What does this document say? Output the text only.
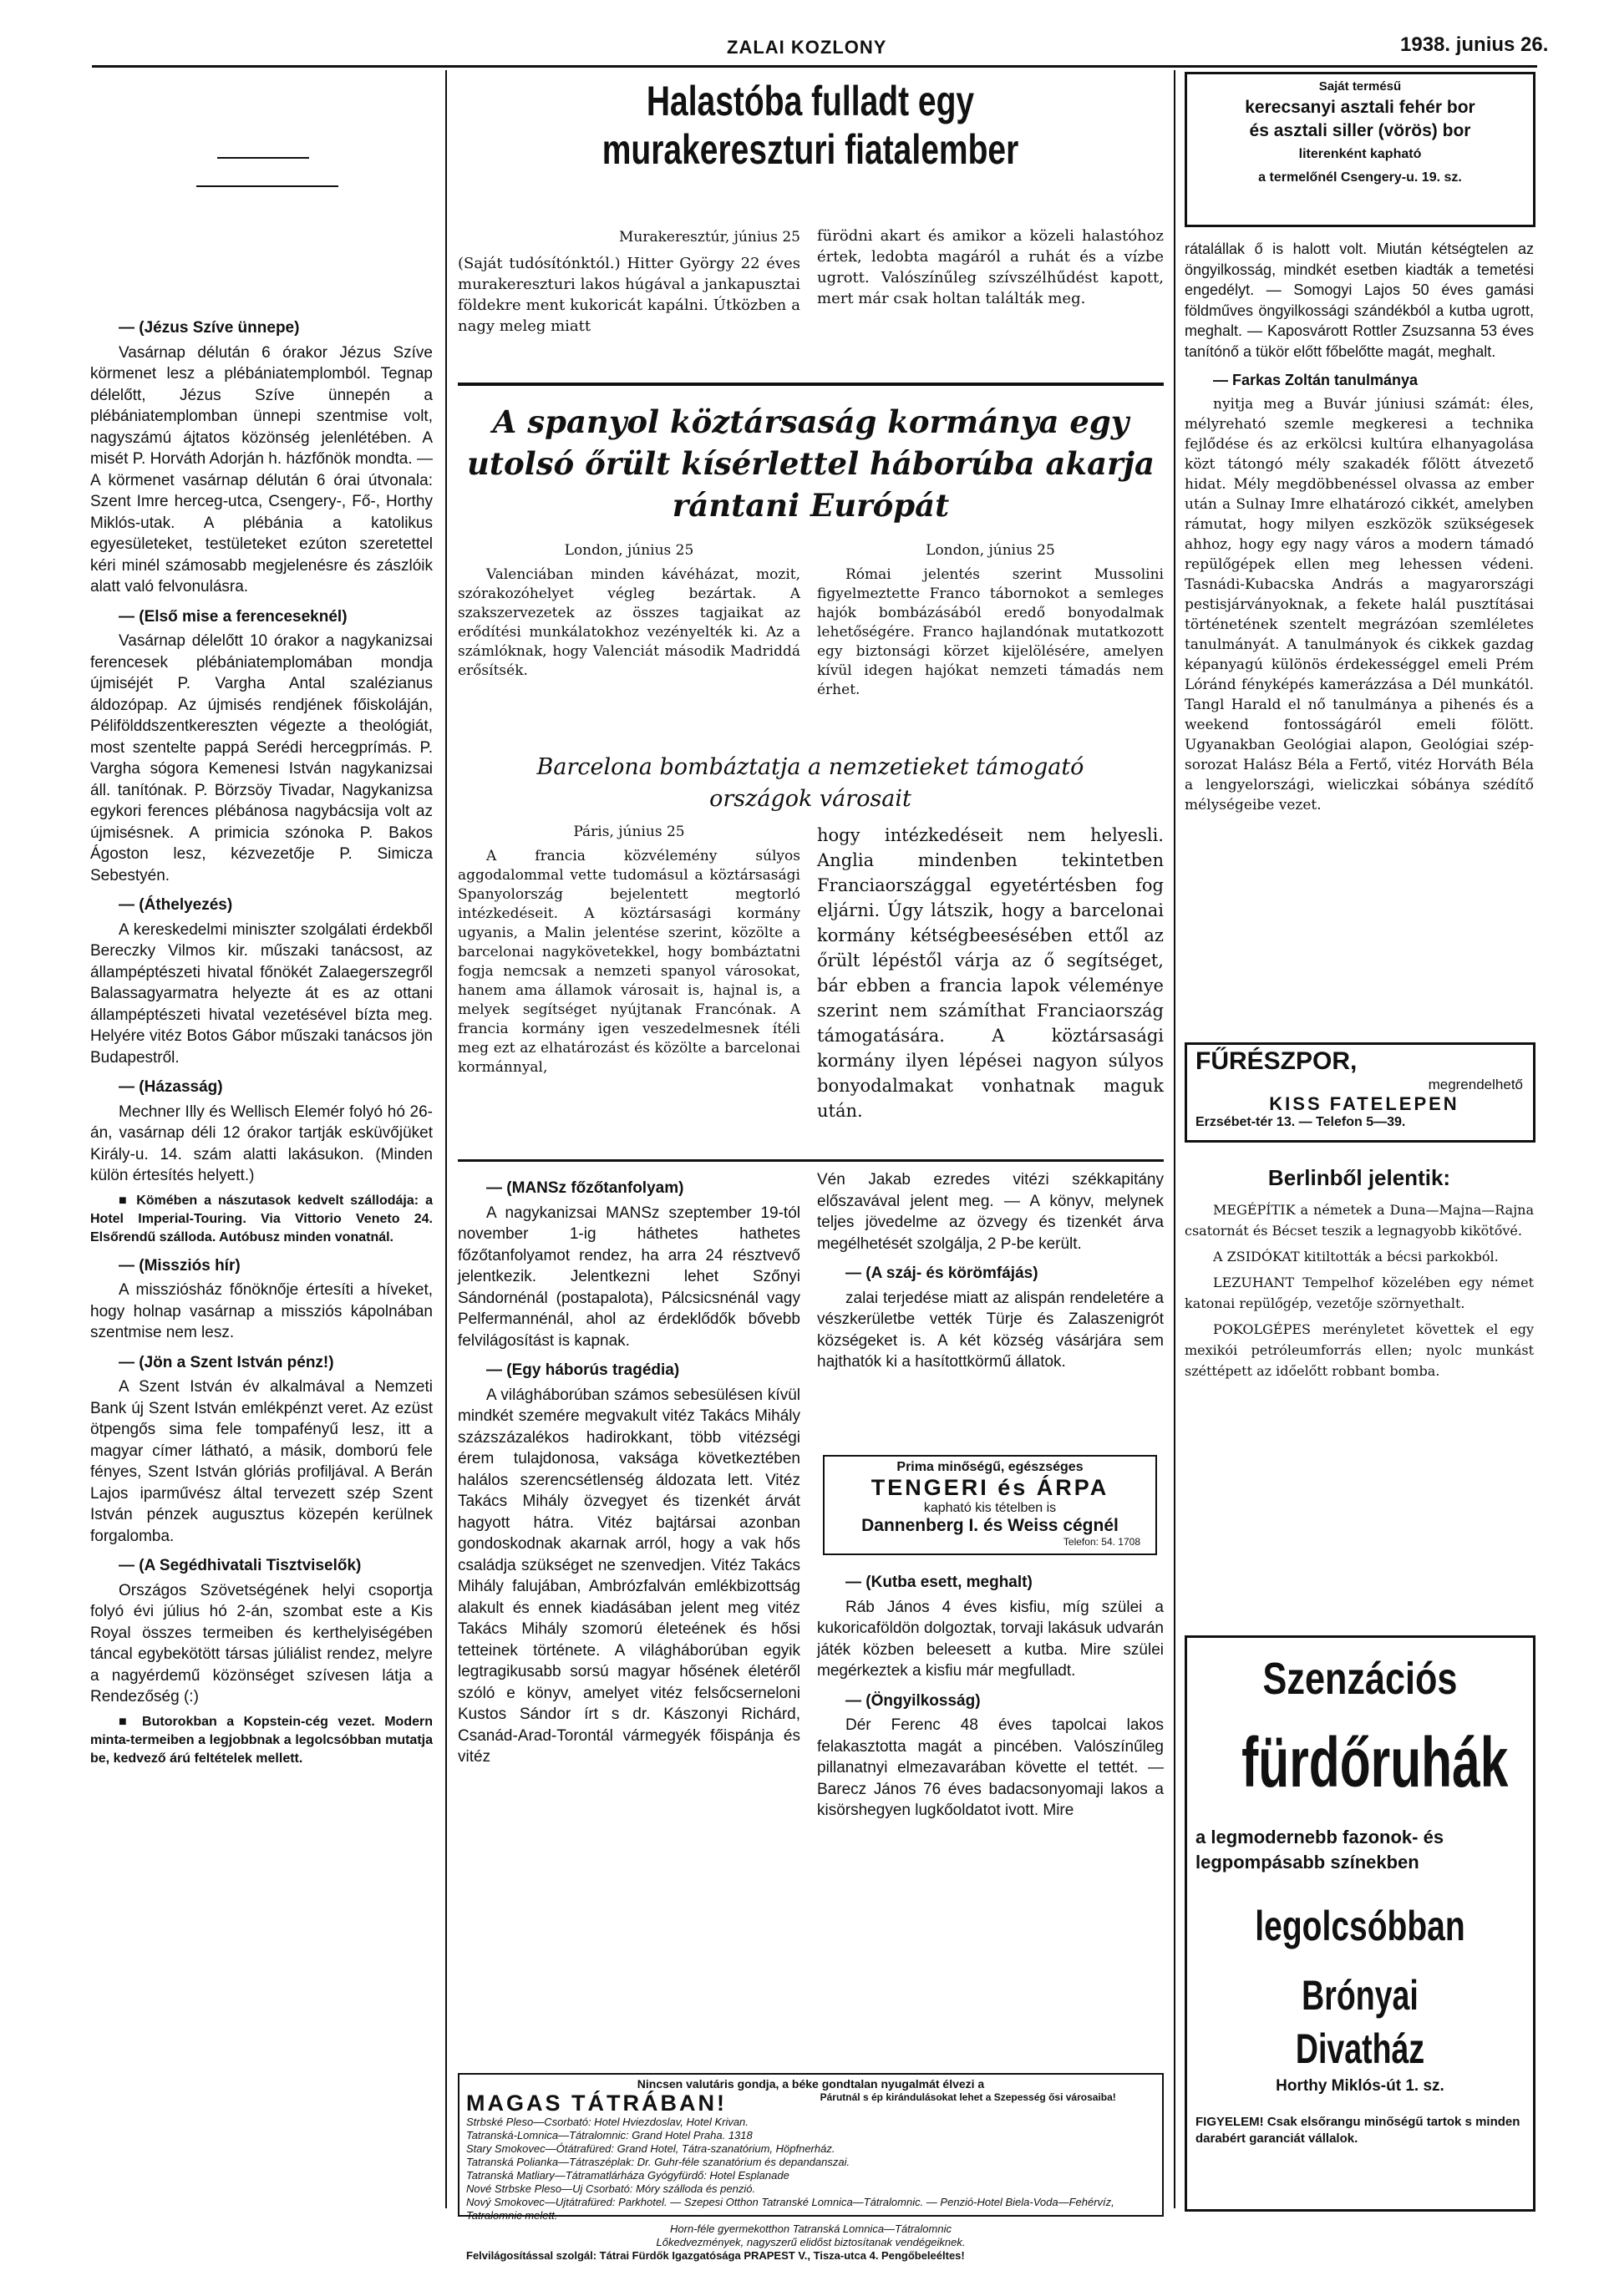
ZALAI KOZLONY	1938. junius 26.
— (Jézus Szíve ünnepe)

Vasárnap délután 6 órakor Jézus Szíve körmenet lesz a plébániatemplomból. Tegnap délelőtt, Jézus Szíve ünnepén a plébániatemplomban ünnepi szentmise volt, nagyszámú ájtatos közönség jelenlétében. A misét P. Horváth Adorján h. házfőnök mondta. — A körmenet vasárnap délután 6 órai útvonala: Szent Imre herceg-utca, Csengery-, Fő-, Horthy Miklós-utak. A plébánia a katolikus egyesületeket, testületeket ezúton szeretettel kéri minél számosabb megjelenésre és zászlóik alatt való felvonulásra.

— (Első mise a ferenceseknél)

Vasárnap délelőtt 10 órakor a nagykanizsai ferencesek plébániatemplomában mondja újmiséjét P. Vargha Antal szalézianus áldozópap. Az újmisés rendjének főiskoláján, Pélifölddszentkereszten végezte a theológiát, most szentelte pappá Serédi hercegprímás. P. Vargha sógora Kemenesi István nagykanizsai áll. tanítónak. P. Börzsöy Tivadar, Nagykanizsa egykori ferences plébánosa nagybácsija volt az újmisésnek. A primicia szónoka P. Bakos Ágoston lesz, kézvezetője P. Simicza Sebestyén.

— (Áthelyezés)

A kereskedelmi miniszter szolgálati érdekből Bereczky Vilmos kir. műszaki tanácsost, az állampéptészeti hivatal főnökét Zalaegerszegről Balassagyarmatra helyezte át es az ottani állampéptészeti hivatal vezetésével bízta meg. Helyére vitéz Botos Gábor műszaki tanácsos jön Budapestről.

— (Házasság)

Mechner Illy és Wellisch Elemér folyó hó 26-án, vasárnap déli 12 órakor tartják esküvőjüket Király-u. 14. szám alatti lakásukon. (Minden külön értesítés helyett.)

■ Kömében a nászutasok kedvelt szállodája: a Hotel Imperial-Touring. Via Vittorio Veneto 24. Elsőrendű szálloda. Autóbusz minden vonatnál.

— (Missziós hír)

A missziósház főnöknője értesíti a híveket, hogy holnap vasárnap a missziós kápolnában szentmise nem lesz.

— (Jön a Szent István pénz!)

A Szent István év alkalmával a Nemzeti Bank új Szent István emlékpénzt veret. Az ezüst ötpengős sima fele tompafényű lesz, itt a magyar címer látható, a másik, domború fele fényes, Szent István glóriás profiljával. A Berán Lajos iparművész által tervezett szép Szent István pénzek augusztus közepén kerülnek forgalomba.

— (A Segédhivatali Tisztviselők)

Országos Szövetségének helyi csoportja folyó évi július hó 2-án, szombat este a Kis Royal összes termeiben és kerthelyiségében táncal egybekötött társas júliálist rendez, melyre a nagyérdemű közönséget szívesen látja a Rendezőség (:)

■ Butorokban a Kopstein-cég vezet. Modern minta-termeiben a legjobbnak a legolcsóbban mutatja be, kedvező árú feltételek mellett.

Halastóba fulladt egy murakereszturi fiatalember

Murakeresztúr, június 25

(Saját tudósítónktól.) Hitter György 22 éves murakereszturi lakos húgával a jankapusztai földekre ment kukoricát kapálni. Útközben a nagy meleg miatt

fürödni akart és amikor a közeli halastóhoz értek, ledobta magáról a ruhát és a vízbe ugrott. Valószínűleg szívszélhűdést kapott, mert már csak holtan találták meg.

A spanyol köztársaság kormánya egy utolsó őrült kísérlettel háborúba akarja rántani Európát

London, június 25

Valenciában minden kávéházat, mozit, szórakozóhelyet végleg bezártak. A szakszervezetek az összes tagjaikat az erődítési munkálatokhoz vezényelték ki. Az a számlóknak, hogy Valenciát második Madriddá erősítsék.

London, június 25

Római jelentés szerint Mussolini figyelmeztette Franco tábornokot a semleges hajók bombázásából eredő bonyodalmak lehetőségére. Franco hajlandónak mutatkozott egy biztonsági körzet kijelölésére, amelyen kívül idegen hajókat nemzeti támadás nem érhet.

Barcelona bombáztatja a nemzetieket támogató országok városait

Páris, június 25

A francia közvélemény súlyos aggodalommal vette tudomásul a köztársasági Spanyolország bejelentett megtorló intézkedéseit. A köztársasági kormány ugyanis, a Malin jelentése szerint, közölte a barcelonai nagykövetekkel, hogy bombáztatni fogja nemcsak a nemzeti spanyol városokat, hanem ama államok városait is, hajnal is, a melyek segítséget nyújtanak Francónak. A francia kormány igen veszedelmesnek ítéli meg ezt az elhatározást és közölte a barcelonai kormánnyal,

hogy intézkedéseit nem helyesli. Anglia mindenben tekintetben Franciaországgal egyetértésben fog eljárni. Úgy látszik, hogy a barcelonai kormány kétségbeesésében ettől az őrült lépéstől várja az ő segítséget, bár ebben a francia lapok véleménye szerint nem számíthat Franciaország támogatására. A köztársasági kormány ilyen lépései nagyon súlyos bonyodalmakat vonhatnak maguk után.

— (MANSz főzőtanfolyam)

A nagykanizsai MANSz szeptember 19-tól november 1-ig háthetes hathetes főzőtanfolyamot rendez, ha arra 24 résztvevő jelentkezik. Jelentkezni lehet Szőnyi Sándornénál (postapalota), Pálcsicsnénál vagy Pelfermannénál, ahol az érdeklődők bővebb felvilágosítást is kapnak.

— (Egy háborús tragédia)

A világháborúban számos sebesülésen kívül mindkét szemére megvakult vitéz Takács Mihály százszázalékos hadirokkant, több vitézségi érem tulajdonosa, vakságа következtében halálos szerencsétlenség áldozata lett. Vitéz Takács Mihály özvegyet és tizenkét árvát hagyott hátra. Vitéz bajtársai azonban gondoskodnak akarnak arról, hogy a vak hős családja szükséget ne szenvedjen. Vitéz Takács Mihály falujában, Ambrózfalván emlékbizottság alakult és ennek kiadásában jelent meg vitéz Takács Mihály szomorú életeének és hősi tetteinek története. A világháborúban egyik legtragikusabb sorsú magyar hősének életéről szóló e könyv, amelyet vitéz felsőcserneloni Kustos Sándor írt s dr. Kászonyi Richárd, Csanád-Arad-Torontál vármegyék főispánja és vitéz

Vén Jakab ezredes vitézi székkapitány előszavával jelent meg. — A könyv, melynek teljes jövedelme az özvegy és tizenkét árva megélhetését szolgálja, 2 P-be került.

— (A száj- és körömfájás)

zalai terjedése miatt az alispán rendeletére a vészkerületbe vették Türje és Zalaszenigrót községeket is. A két község vásárjára sem hajthatók ki a hasítottkörmű állatok.

Prima minőségű, egészséges
TENGERI és ÁRPA
kapható kis tételben is
Dannenberg I. és Weiss cégnél
Telefon: 54. 1708
— (Kutba esett, meghalt)

Ráb János 4 éves kisfiu, míg szülei a kukoricaföldön dolgoztak, torvaji lakásuk udvarán játék közben beleesett a kutba. Mire szülei megérkeztek a kisfiu már megfulladt.

— (Öngyilkosság)

Dér Ferenc 48 éves tapolcai lakos felakasztotta magát a pincében. Valószínűleg pillanatnyi elmezavarában követte el tettét. — Barecz János 76 éves badacsonyomaji lakos a kisörshegyen lugkőoldatot ivott. Mire

Nincsen valutáris gondja, a béke gondtalan nyugalmát élvezi a
MAGAS TÁTRÁBAN!	Párutnál s ép kirándulásokat lehet a Szepesség ősi városaiba!
Strbské Pleso—Csorbató: Hotel Hviezdoslav, Hotel Krivan.
Tatranská-Lomnica—Tátralomnic: Grand Hotel Praha. 1318
Stary Smokovec—Ótátrafüred: Grand Hotel, Tátra-szanatórium, Höpfnerház.
Tatranská Polianka—Tátraszéplak: Dr. Guhr-féle szanatórium és depandanszai.
Tatranská Matliary—Tátramatlárháza Gyógyfürdő: Hotel Esplanade
Nové Strbske Pleso—Uj Csorbató: Móry szálloda és penzió.
Nový Smokovec—Ujtátrafüred: Parkhotel. — Szepesi Otthon Tatranské Lomnica—Tátralomnic. — Penzió-Hotel Biela-Voda—Fehérvíz, Tatralomnic melett.
Horn-féle gyermekotthon Tatranská Lomnica—Tátralomnic
Lőkedvezmények, nagyszerű elidőst biztosítanak vendégeiknek.
Felvilágosítással szolgál: Tátrai Fürdők Igazgatósága PRAPEST V., Tisza-utca 4. Pengőbeleéltes!
Saját termésű
kerecsanyi asztali fehér bor
és asztali siller (vörös) bor
literenként kapható
a termelőnél Csengery-u. 19. sz.

rátalállak ő is halott volt. Miután kétségtelen az öngyilkosság, mindkét esetben kiadták a temetési engedélyt. — Somogyi Lajos 50 éves gamási földműves öngyilkossági szándékból a kutba ugrott, meghalt. — Kaposvárott Rottler Zsuzsanna 53 éves tanítónő a tükör előtt főbelőtte magát, meghalt.

— Farkas Zoltán tanulmánya

nyitja meg a Buvár júniusi számát: éles, mélyreható szemle megkeresi a technika fejlődése és az erkölcsi kultúra elhanyagolása közt tátongó mély szakadék főlött átvezető hidat. Mély megdöbbenéssel olvassa az ember után a Sulnay Imre elhatározó cikkét, amelyben rámutat, hogy milyen eszközök szükségesek ahhoz, hogy egy nagy város a modern támadó repülőgépek ellen meg lehessen védeni. Tasnádi-Kubacska András a magyarországi pestisjárványoknak, a fekete halál pusztításai történetének szentelt megrázóan szemléletes tanulmányát. A tanulmányok és cikkek gazdag képanyagú különös érdekességgel emeli Prém Lóránd fényképés kamerázzása a Dél munkától. Tangl Harald el nő tanulmánya a pihenés és a weekend fontosságáról emeli fölött. Ugyanakban Geológiai alapon, Geológiai szép-sorozat Halász Béla a Fertő, vitéz Horváth Béla a lengyelországi, wieliczkai sóbánya szédítő mélységeibe vezet.

FŰRÉSZPOR,
megrendelhető
KISS FATELEPEN
Erzsébet-tér 13. — Telefon 5—39.
Berlinből jelentik:

MEGÉPÍTIK a németek a Duna—Majna—Rajna csatornát és Bécset teszik a legnagyobb kikötővé.

A ZSIDÓKAT kitiltották a bécsi parkokból.

LEZUHANT Tempelhof közelében egy német katonai repülőgép, vezetője szörnyethalt.

POKOLGÉPES merényletet követtek el egy mexikói petróleumforrás ellen; nyolc munkást széttépett az időelőtt robbant bomba.

Szenzációs
fürdőruhák
a legmodernebb fazonok- és legpompásabb színekben
legolcsóbban
Brónyai Divatház
Horthy Miklós-út 1. sz.
FIGYELEM! Csak elsőrangu minőségű tartok s minden darabért garanciát vállalok.
